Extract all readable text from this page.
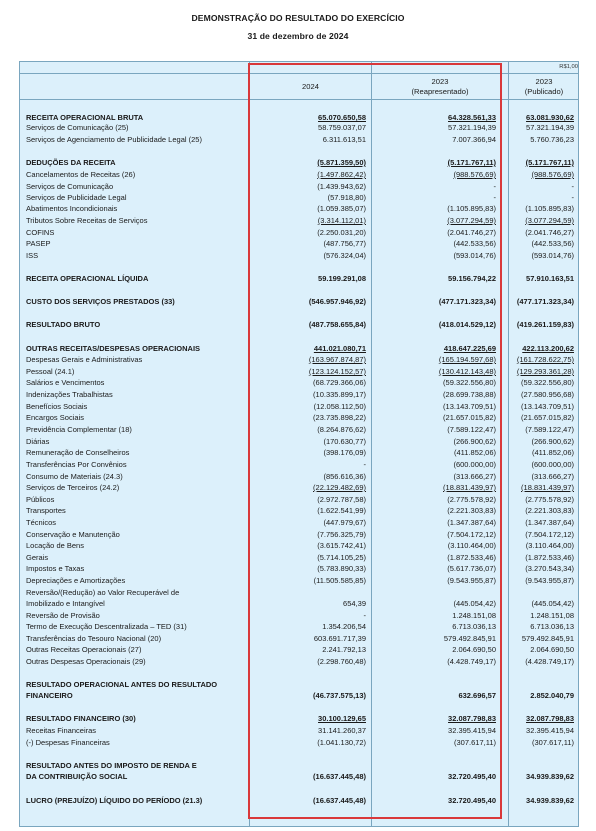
DEMONSTRAÇÃO DO RESULTADO DO EXERCÍCIO
31 de dezembro de 2024
R$1,00
2024
2023
(Reapresentado)
2023
(Publicado)
RECEITA OPERACIONAL BRUTA	65.070.650,58	64.328.561,33	63.081.930,62
Serviços de Comunicação (25)	58.759.037,07	57.321.194,39	57.321.194,39
Serviços de Agenciamento de Publicidade Legal (25)	6.311.613,51	7.007.366,94	5.760.736,23
DEDUÇÕES DA RECEITA	(5.871.359,50)	(5.171.767,11)	(5.171.767,11)
Cancelamentos de Receitas (26)	(1.497.862,42)	(988.576,69)	(988.576,69)
Serviços de Comunicação	(1.439.943,62)	-	-
Serviços de Publicidade Legal	(57.918,80)	-	-
Abatimentos Incondicionais	(1.059.385,07)	(1.105.895,83)	(1.105.895,83)
Tributos Sobre Receitas de Serviços	(3.314.112,01)	(3.077.294,59)	(3.077.294,59)
COFINS	(2.250.031,20)	(2.041.746,27)	(2.041.746,27)
PASEP	(487.756,77)	(442.533,56)	(442.533,56)
ISS	(576.324,04)	(593.014,76)	(593.014,76)
RECEITA OPERACIONAL LÍQUIDA	59.199.291,08	59.156.794,22	57.910.163,51
CUSTO DOS SERVIÇOS PRESTADOS (33)	(546.957.946,92)	(477.171.323,34)	(477.171.323,34)
RESULTADO BRUTO	(487.758.655,84)	(418.014.529,12)	(419.261.159,83)
OUTRAS RECEITAS/DESPESAS OPERACIONAIS	441.021.080,71	418.647.225,69	422.113.200,62
Despesas Gerais e Administrativas	(163.967.874,87)	(165.194.597,68)	(161.728.622,75)
Pessoal (24.1)	(123.124.152,57)	(130.412.143,48)	(129.293.361,28)
Salários e Vencimentos	(68.729.366,06)	(59.322.556,80)	(59.322.556,80)
Indenizações Trabalhistas	(10.335.899,17)	(28.699.738,88)	(27.580.956,68)
Benefícios Sociais	(12.058.112,50)	(13.143.709,51)	(13.143.709,51)
Encargos Sociais	(23.735.898,22)	(21.657.015,82)	(21.657.015,82)
Previdência Complementar (18)	(8.264.876,62)	(7.589.122,47)	(7.589.122,47)
Diárias	(170.630,77)	(266.900,62)	(266.900,62)
Remuneração de Conselheiros	(398.176,09)	(411.852,06)	(411.852,06)
Transferências Por Convênios	-	(600.000,00)	(600.000,00)
Consumo de Materiais (24.3)	(856.616,36)	(313.666,27)	(313.666,27)
Serviços de Terceiros (24.2)	(22.129.482,69)	(18.831.439,97)	(18.831.439,97)
Públicos	(2.972.787,58)	(2.775.578,92)	(2.775.578,92)
Transportes	(1.622.541,99)	(2.221.303,83)	(2.221.303,83)
Técnicos	(447.979,67)	(1.347.387,64)	(1.347.387,64)
Conservação e Manutenção	(7.756.325,79)	(7.504.172,12)	(7.504.172,12)
Locação de Bens	(3.615.742,41)	(3.110.464,00)	(3.110.464,00)
Gerais	(5.714.105,25)	(1.872.533,46)	(1.872.533,46)
Impostos e Taxas	(5.783.890,33)	(5.617.736,07)	(3.270.543,34)
Depreciações e Amortizações	(11.505.585,85)	(9.543.955,87)	(9.543.955,87)
Reversão/(Redução) ao Valor Recuperável de
Imobilizado e Intangível	654,39	(445.054,42)	(445.054,42)
Reversão de Provisão	-	1.248.151,08	1.248.151,08
Termo de Execução Descentralizada – TED (31)	1.354.206,54	6.713.036,13	6.713.036,13
Transferências do Tesouro Nacional (20)	603.691.717,39	579.492.845,91	579.492.845,91
Outras Receitas Operacionais (27)	2.241.792,13	2.064.690,50	2.064.690,50
Outras Despesas Operacionais (29)	(2.298.760,48)	(4.428.749,17)	(4.428.749,17)
RESULTADO OPERACIONAL ANTES DO RESULTADO
FINANCEIRO	(46.737.575,13)	632.696,57	2.852.040,79
RESULTADO FINANCEIRO (30)	30.100.129,65	32.087.798,83	32.087.798,83
Receitas Financeiras	31.141.260,37	32.395.415,94	32.395.415,94
(-) Despesas Financeiras	(1.041.130,72)	(307.617,11)	(307.617,11)
RESULTADO ANTES DO IMPOSTO DE RENDA E
DA CONTRIBUIÇÃO SOCIAL	(16.637.445,48)	32.720.495,40	34.939.839,62
LUCRO (PREJUÍZO) LÍQUIDO DO PERÍODO (21.3)	(16.637.445,48)	32.720.495,40	34.939.839,62
